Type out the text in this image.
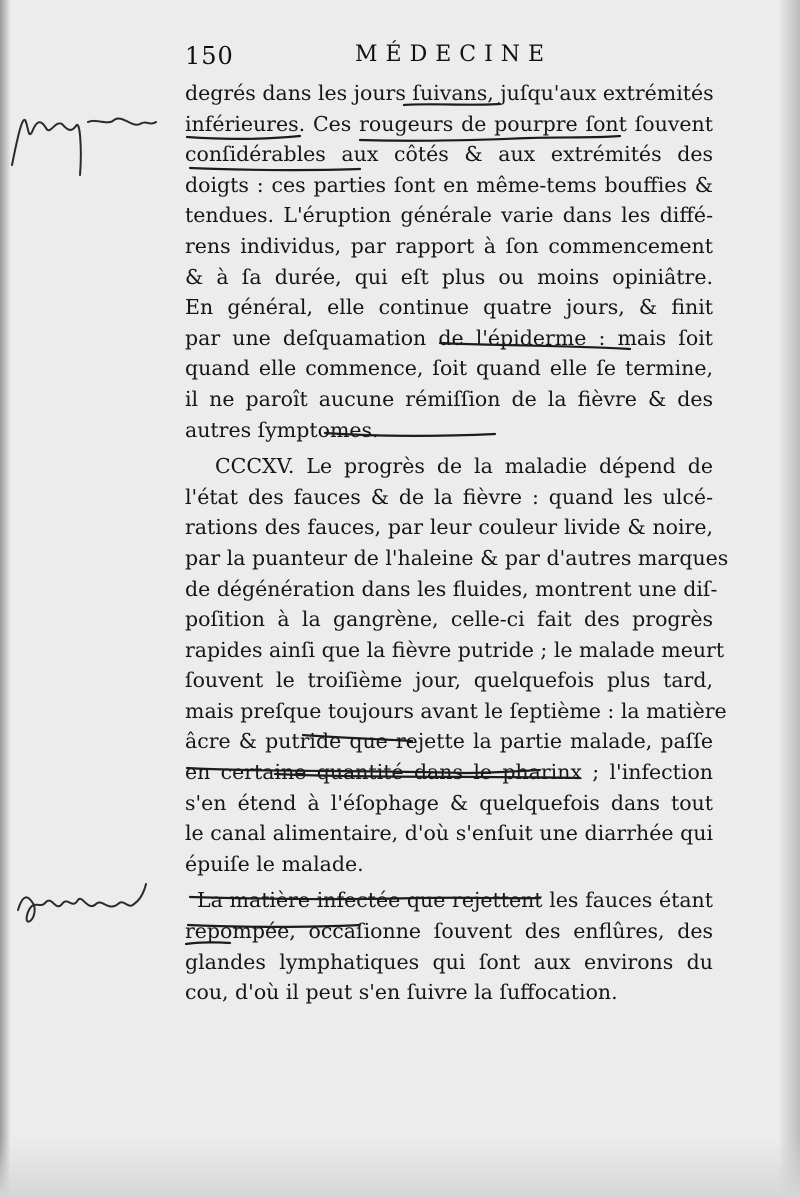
150	MÉDECINE
degrés dans les jours ſuivans, juſqu'aux extrémités
inférieures. Ces rougeurs de pourpre ſont ſouvent
conſidérables aux côtés & aux extrémités des
doigts : ces parties ſont en même-tems bouffies &
tendues. L'éruption générale varie dans les diffé-
rens individus, par rapport à ſon commencement
& à ſa durée, qui eſt plus ou moins opiniâtre.
En général, elle continue quatre jours, & finit
par une deſquamation de l'épiderme : mais ſoit
quand elle commence, ſoit quand elle ſe termine,
il ne paroît aucune rémiſſion de la fièvre & des
autres ſymptomes.
CCCXV. Le progrès de la maladie dépend de
l'état des fauces & de la fièvre : quand les ulcé-
rations des fauces, par leur couleur livide & noire,
par la puanteur de l'haleine & par d'autres marques
de dégénération dans les fluides, montrent une diſ-
poſition à la gangrène, celle-ci fait des progrès
rapides ainſi que la fièvre putride ; le malade meurt
ſouvent le troiſième jour, quelquefois plus tard,
mais preſque toujours avant le ſeptième : la matière
âcre & putride que rejette la partie malade, paſſe
en certaine quantité dans le pharinx ; l'infection
s'en étend à l'éſophage & quelquefois dans tout
le canal alimentaire, d'où s'enſuit une diarrhée qui
épuiſe le malade.
La matière infectée que rejettent les fauces étant
repompée, occaſionne ſouvent des enflûres, des
glandes lymphatiques qui ſont aux environs du
cou, d'où il peut s'en ſuivre la ſuffocation.
